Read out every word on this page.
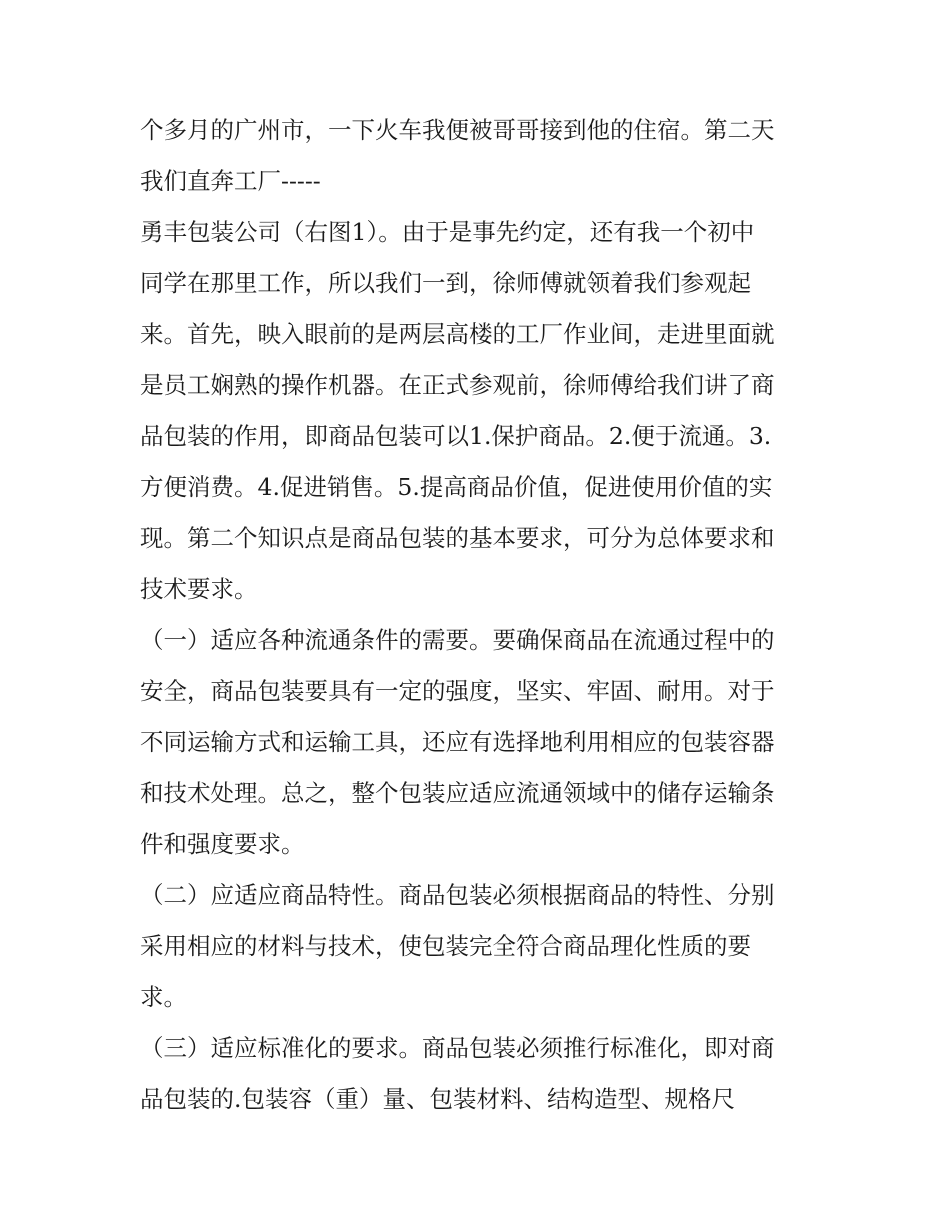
个多月的广州市，一下火车我便被哥哥接到他的住宿。第二天
我们直奔工厂-----
勇丰包装公司（右图1）。由于是事先约定，还有我一个初中
同学在那里工作，所以我们一到，徐师傅就领着我们参观起
来。首先，映入眼前的是两层高楼的工厂作业间，走进里面就
是员工娴熟的操作机器。在正式参观前，徐师傅给我们讲了商
品包装的作用，即商品包装可以1.保护商品。2.便于流通。3.
方便消费。4.促进销售。5.提高商品价值，促进使用价值的实
现。第二个知识点是商品包装的基本要求，可分为总体要求和
技术要求。
（一）适应各种流通条件的需要。要确保商品在流通过程中的
安全，商品包装要具有一定的强度，坚实、牢固、耐用。对于
不同运输方式和运输工具，还应有选择地利用相应的包装容器
和技术处理。总之，整个包装应适应流通领域中的储存运输条
件和强度要求。
（二）应适应商品特性。商品包装必须根据商品的特性、分别
采用相应的材料与技术，使包装完全符合商品理化性质的要
求。
（三）适应标准化的要求。商品包装必须推行标准化，即对商
品包装的.包装容（重）量、包装材料、结构造型、规格尺
